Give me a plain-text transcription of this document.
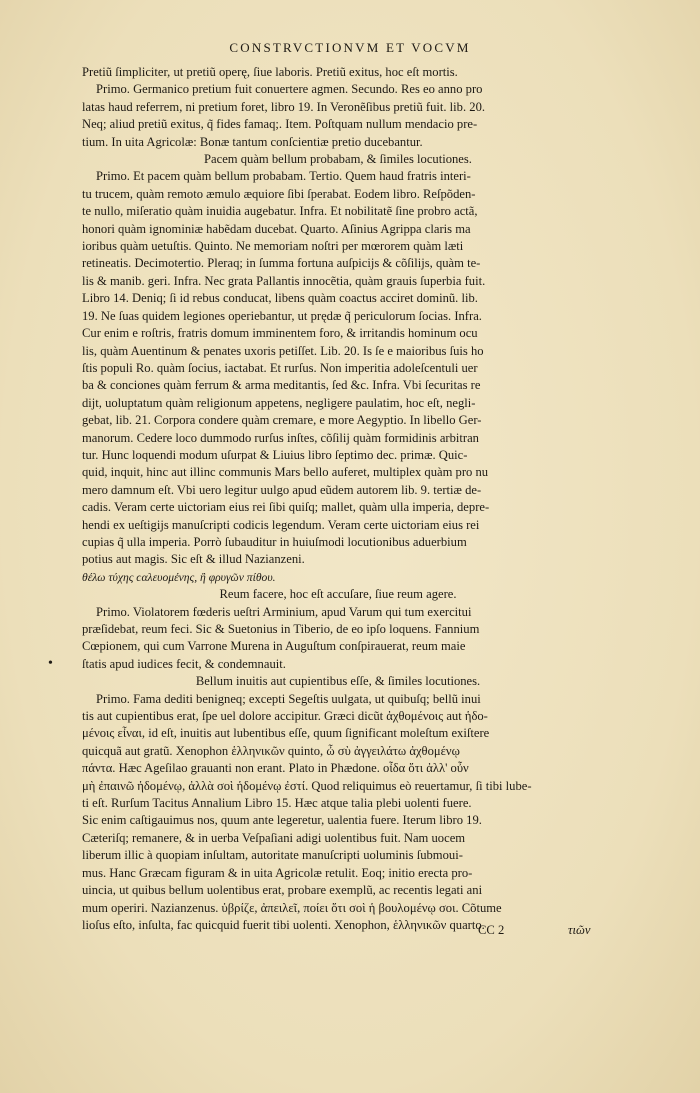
CONSTRVCTIONVM ET VOCVM
•
Pretiũ ſimpliciter, ut pretiũ operę, ſiue laboris. Pretiũ exitus, hoc eſt mortis.
Primo. Germanico pretium fuit conuertere agmen. Secundo. Res eo anno pro
latas haud referrem, ni pretium foret, libro 19. In Veronẽſibus pretiũ fuit. lib. 20.
Neq; aliud pretiũ exitus, q̃ fides famaq;. Item. Poſtquam nullum mendacio pre-
tium. In uita Agricolæ: Bonæ tantum conſcientiæ pretio ducebantur.
Pacem quàm bellum probabam, & ſimiles locutiones.
Primo. Et pacem quàm bellum probabam. Tertio. Quem haud fratris interi-
tu trucem, quàm remoto æmulo æquiore ſibi ſperabat. Eodem libro. Reſpõden-
te nullo, miſeratio quàm inuidia augebatur. Infra. Et nobilitatẽ ſine probro actã,
honori quàm ignominiæ habẽdam ducebat. Quarto. Aſinius Agrippa claris ma
ioribus quàm uetuſtis. Quinto. Ne memoriam noſtri per mœrorem quàm læti
retineatis. Decimotertio. Pleraq; in ſumma fortuna auſpicijs & cõſilijs, quàm te-
lis & manib. geri. Infra. Nec grata Pallantis innocẽtia, quàm grauis ſuperbia fuit.
Libro 14. Deniq; ſi id rebus conducat, libens quàm coactus acciret dominũ. lib.
19. Ne ſuas quidem legiones operiebantur, ut prędæ q̃ periculorum ſocias. Infra.
Cur enim e roſtris, fratris domum imminentem foro, & irritandis hominum ocu
lis, quàm Auentinum & penates uxoris petiſſet. Lib. 20. Is ſe e maioribus ſuis ho
ſtis populi Ro. quàm ſocius, iactabat. Et rurſus. Non imperitia adoleſcentuli uer
ba & conciones quàm ferrum & arma meditantis, ſed &c. Infra. Vbi ſecuritas re
dijt, uoluptatum quàm religionum appetens, negligere paulatim, hoc eſt, negli-
gebat, lib. 21. Corpora condere quàm cremare, e more Aegyptio. In libello Ger-
manorum. Cedere loco dummodo rurſus inſtes, cõſilij quàm formidinis arbitran
tur. Hunc loquendi modum uſurpat & Liuius libro ſeptimo dec. primæ. Quic-
quid, inquit, hinc aut illinc communis Mars bello auferet, multiplex quàm pro nu
mero damnum eſt. Vbi uero legitur uulgo apud eũdem autorem lib. 9. tertiæ de-
cadis. Veram certe uictoriam eius rei ſibi quiſq; mallet, quàm ulla imperia, depre-
hendi ex ueſtigijs manuſcripti codicis legendum. Veram certe uictoriam eius rei
cupias q̃ ulla imperia. Porrò ſubauditur in huiuſmodi locutionibus aduerbium
potius aut magis. Sic eſt & illud Nazianzeni.
θέλω τύχης ϲαλευομένης, ἢ φρυγῶν πίθου.
Reum facere, hoc eſt accuſare, ſiue reum agere.
Primo. Violatorem fœderis ueſtri Arminium, apud Varum qui tum exercitui
præſidebat, reum feci. Sic & Suetonius in Tiberio, de eo ipſo loquens. Fannium
Cœpionem, qui cum Varrone Murena in Auguſtum conſpirauerat, reum maie
ſtatis apud iudices fecit, & condemnauit.
Bellum inuitis aut cupientibus eſſe, & ſimiles locutiones.
Primo. Fama dediti benigneq; excepti Segeſtis uulgata, ut quibuſq; bellũ inui
tis aut cupientibus erat, ſpe uel dolore accipitur. Græci dicũt ἀχθομένοις aut ἡδο-
μένοις εἶναι, id eſt, inuitis aut lubentibus eſſe, quum ſignificant moleſtum exiſtere
quicquã aut gratũ. Xenophon ἑλληνικῶν quinto, ὦ σὺ ἀγγειλάτω ἀχθομένῳ
πάντα. Hæc Ageſilao grauanti non erant. Plato in Phædone. οἶδα ὅτι ἀλλ' οὖν
μὴ ἐπαινῶ ἡδομένῳ, ἀλλὰ σοὶ ἡδομένῳ ἐστί. Quod reliquimus eò reuertamur, ſi tibi lube-
ti eſt. Rurſum Tacitus Annalium Libro 15. Hæc atque talia plebi uolenti fuere.
Sic enim caſtigauimus nos, quum ante legeretur, ualentia fuere. Iterum libro 19.
Cæteriſq; remanere, & in uerba Veſpaſiani adigi uolentibus fuit. Nam uocem
liberum illic à quopiam inſultam, autoritate manuſcripti uoluminis ſubmoui-
mus. Hanc Græcam figuram & in uita Agricolæ retulit. Eoq; initio erecta pro-
uincia, ut quibus bellum uolentibus erat, probare exemplũ, ac recentis legati ani
mum operiri. Nazianzenus. ὑβρίζε, ἀπειλεῖ, ποίει ὅτι σοὶ ἡ βουλομένῳ σοι. Cõtume
lioſus eſto, inſulta, fac quicquid fuerit tibi uolenti. Xenophon, ἑλληνικῶν quarto.
CC 2	τιῶν
